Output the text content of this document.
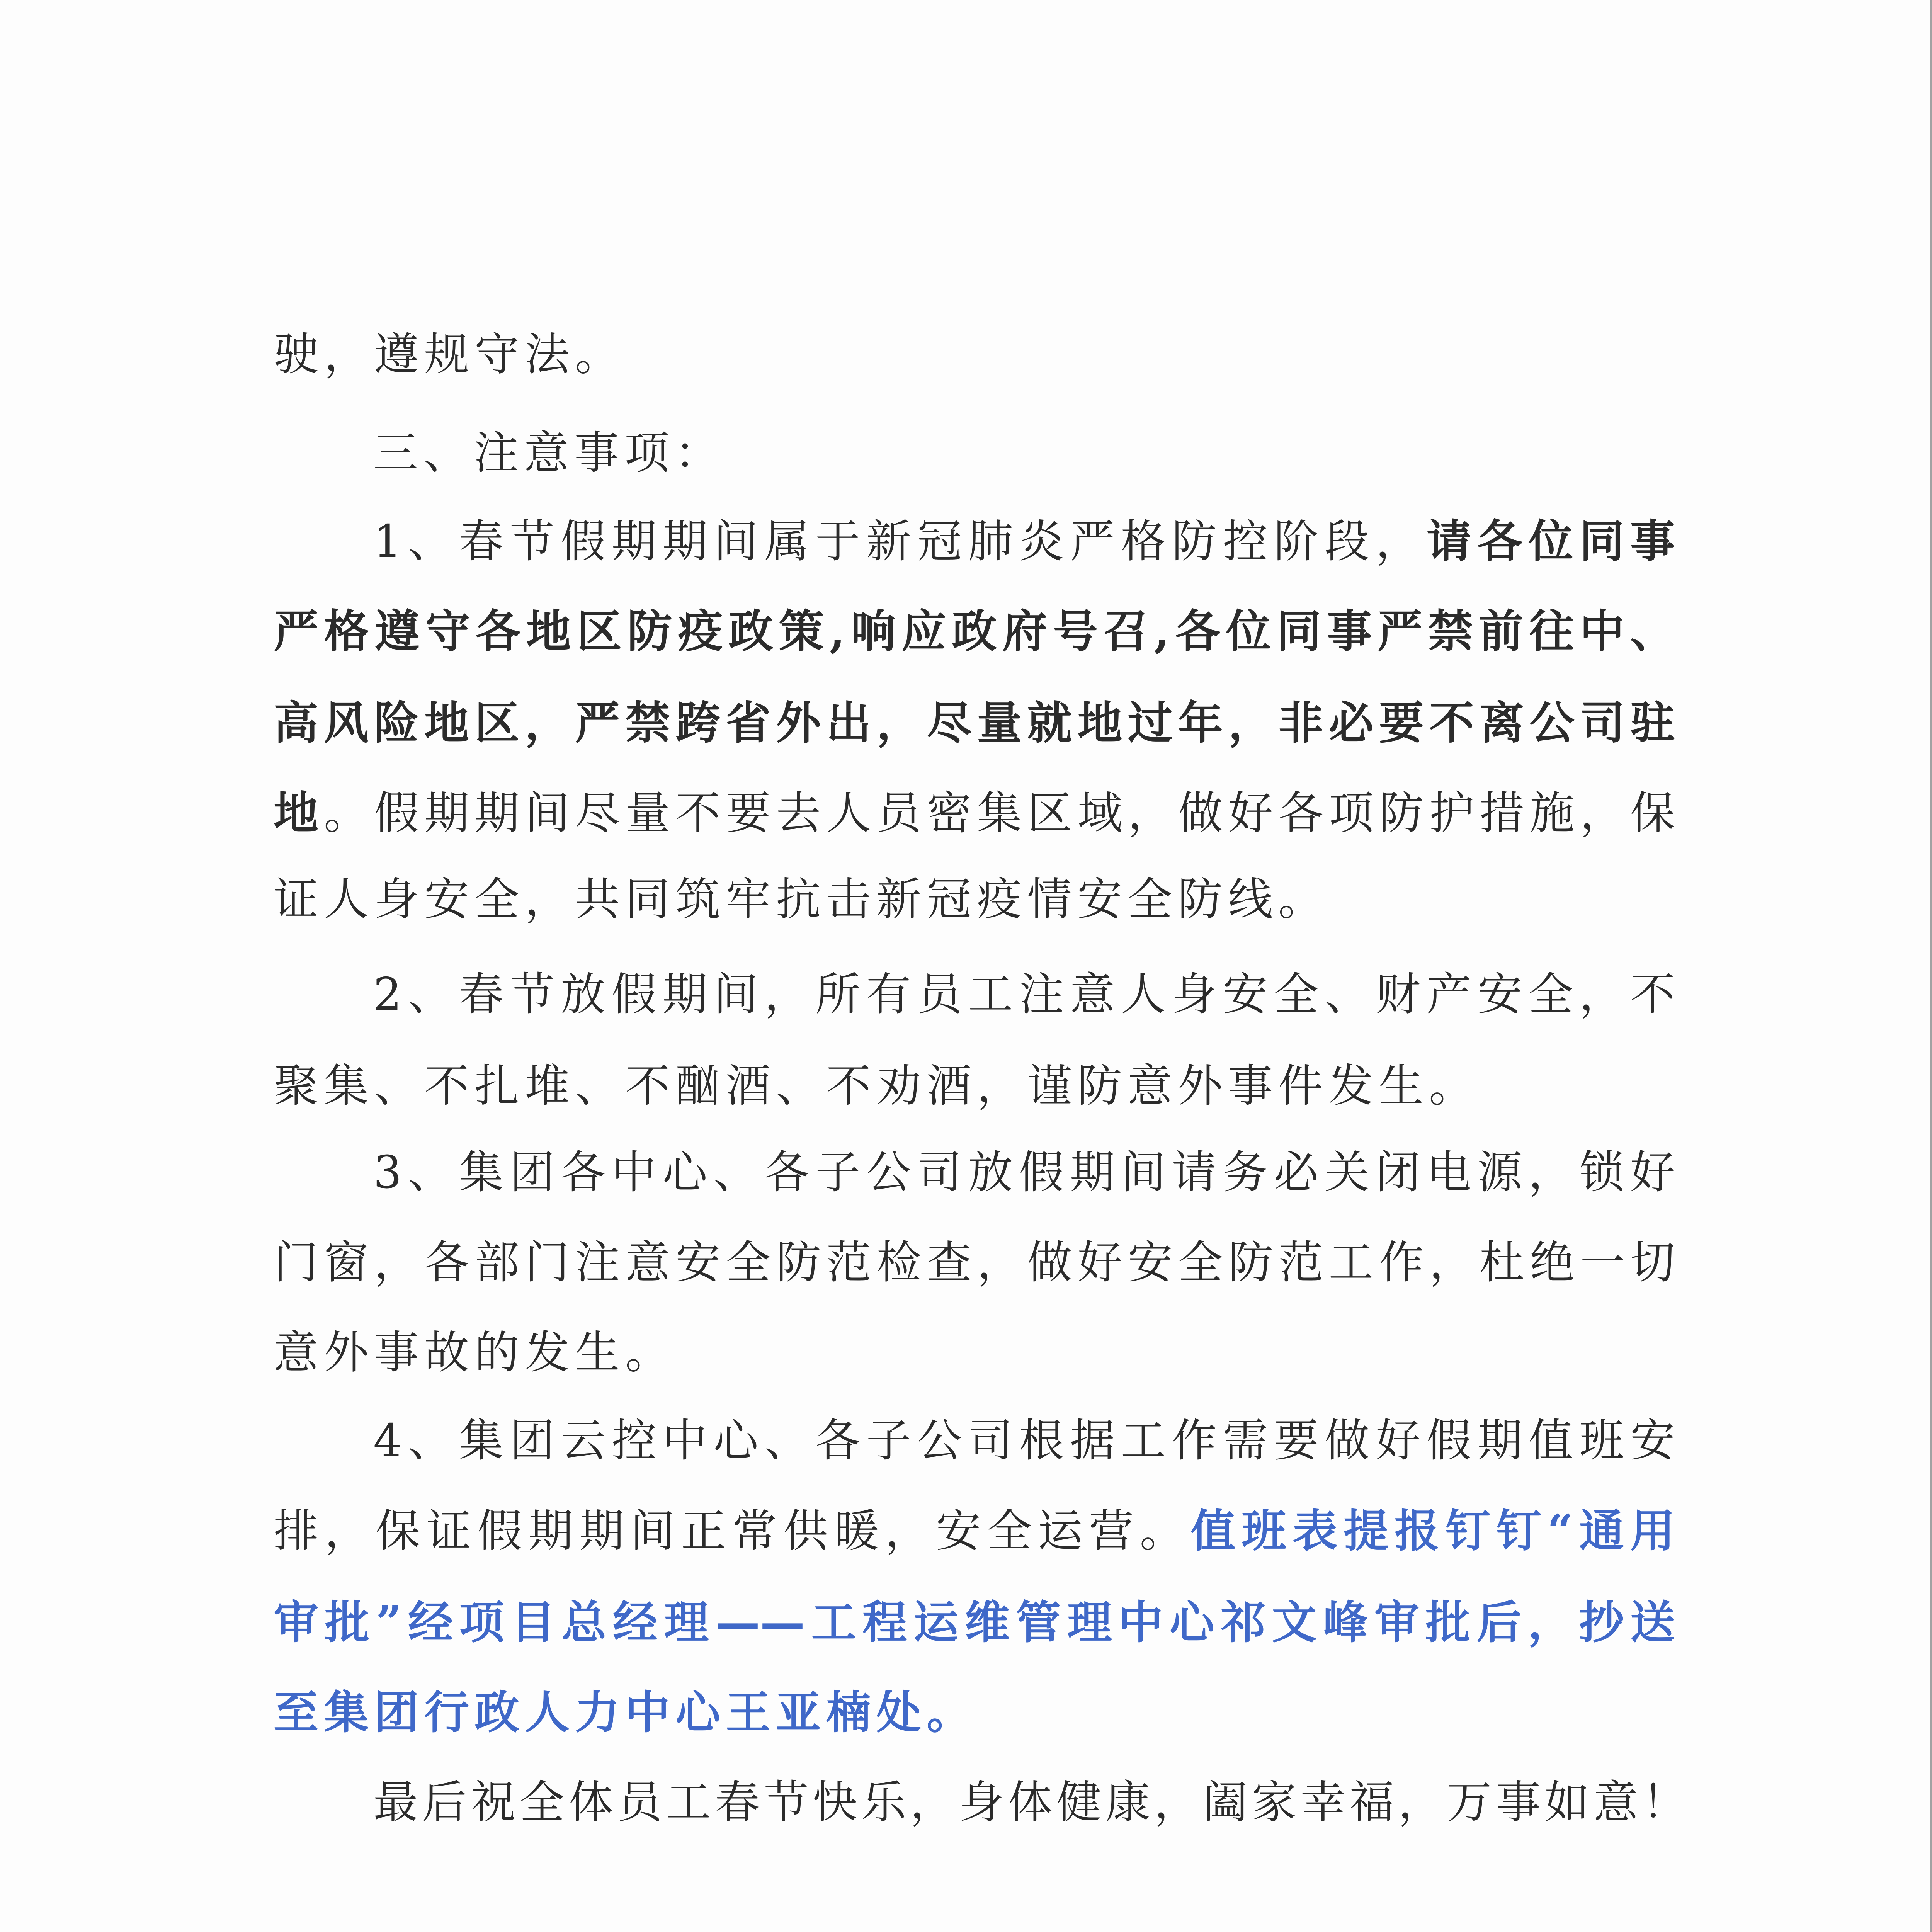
驶，遵规守法。
三、注意事项：
1、春节假期期间属于新冠肺炎严格防控阶段，请各位同事
严格遵守各地区防疫政策,响应政府号召,各位同事严禁前往中、
高风险地区，严禁跨省外出，尽量就地过年，非必要不离公司驻
地。假期期间尽量不要去人员密集区域，做好各项防护措施，保
证人身安全，共同筑牢抗击新冠疫情安全防线。
2、春节放假期间，所有员工注意人身安全、财产安全，不
聚集、不扎堆、不酗酒、不劝酒，谨防意外事件发生。
3、集团各中心、各子公司放假期间请务必关闭电源，锁好
门窗，各部门注意安全防范检查，做好安全防范工作，杜绝一切
意外事故的发生。
4、集团云控中心、各子公司根据工作需要做好假期值班安
排，保证假期期间正常供暖，安全运营。值班表提报钉钉“通用
审批”经项目总经理——工程运维管理中心祁文峰审批后，抄送
至集团行政人力中心王亚楠处。
最后祝全体员工春节快乐，身体健康，阖家幸福，万事如意！
